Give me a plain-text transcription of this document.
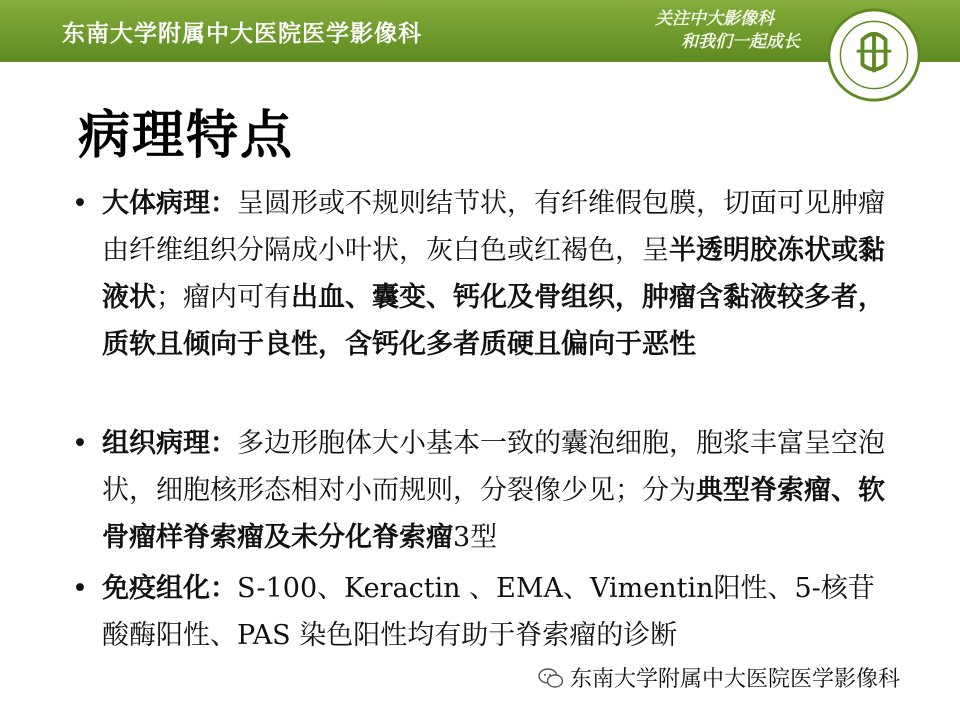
东南大学附属中大医院医学影像科
关注中大影像科
和我们一起成长
病理特点
• 大体病理：呈圆形或不规则结节状，有纤维假包膜，切面可见肿瘤由纤维组织分隔成小叶状，灰白色或红褐色，呈半透明胶冻状或黏液状；瘤内可有出血、囊变、钙化及骨组织，肿瘤含黏液较多者，质软且倾向于良性，含钙化多者质硬且偏向于恶性
• 组织病理：多边形胞体大小基本一致的囊泡细胞，胞浆丰富呈空泡状，细胞核形态相对小而规则，分裂像少见；分为典型脊索瘤、软骨瘤样脊索瘤及未分化脊索瘤3型
• 免疫组化：S-100、Keractin 、EMA、Vimentin阳性、5-核苷酸酶阳性、PAS 染色阳性均有助于脊索瘤的诊断
东南大学附属中大医院医学影像科
